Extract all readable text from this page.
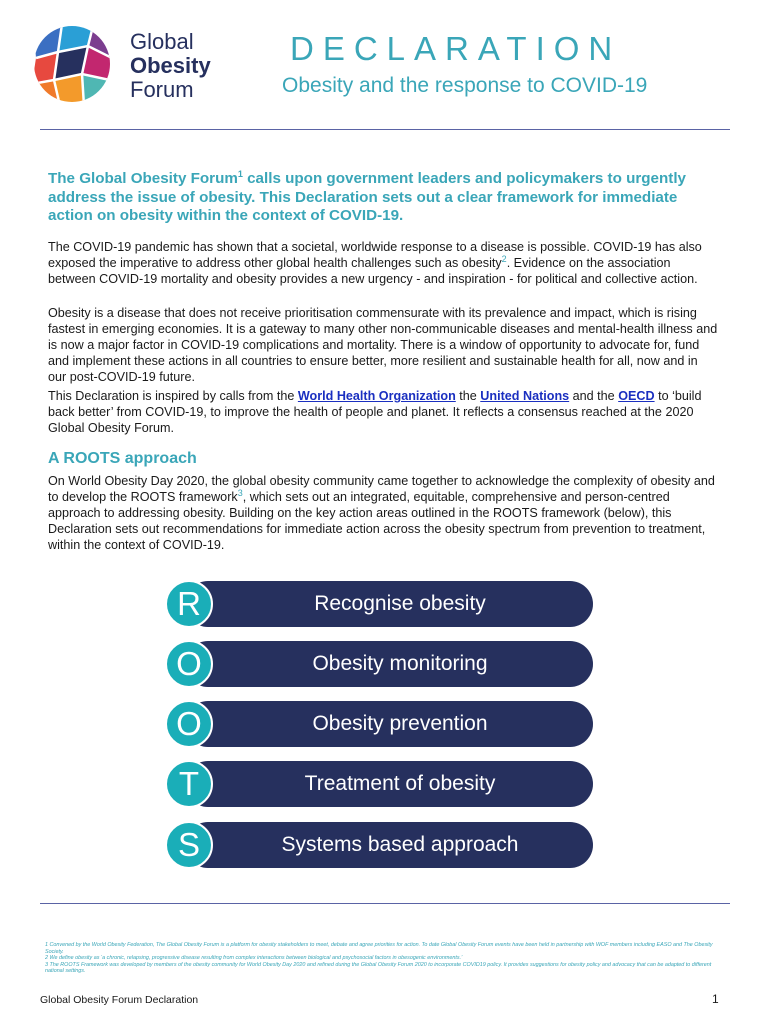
Global
Obesity
Forum
DECLARATION
Obesity and the response to COVID-19
The Global Obesity Forum$^1$ calls upon government leaders and policymakers to urgently address the issue of obesity. This Declaration sets out a clear framework for immediate action on obesity within the context of COVID-19.
The COVID-19 pandemic has shown that a societal, worldwide response to a disease is possible. COVID-19 has also exposed the imperative to address other global health challenges such as obesity$^2$. Evidence on the association between COVID-19 mortality and obesity provides a new urgency - and inspiration - for political and collective action.
Obesity is a disease that does not receive prioritisation commensurate with its prevalence and impact, which is rising fastest in emerging economies. It is a gateway to many other non-communicable diseases and mental-health illness and is now a major factor in COVID-19 complications and mortality. There is a window of opportunity to advocate for, fund and implement these actions in all countries to ensure better, more resilient and sustainable health for all, now and in our post-COVID-19 future.
This Declaration is inspired by calls from the World Health Organization the United Nations and the OECD to ‘build back better’ from COVID-19, to improve the health of people and planet. It reflects a consensus reached at the 2020 Global Obesity Forum.
A ROOTS approach
On World Obesity Day 2020, the global obesity community came together to acknowledge the complexity of obesity and to develop the ROOTS framework$^3$, which sets out an integrated, equitable, comprehensive and person-centred approach to addressing obesity. Building on the key action areas outlined in the ROOTS framework (below), this Declaration sets out recommendations for immediate action across the obesity spectrum from prevention to treatment, within the context of COVID-19.
Recognise obesity
R
Obesity monitoring
O
Obesity prevention
O
Treatment of obesity
T
Systems based approach
S

1 Convened by the World Obesity Federation, The Global Obesity Forum is a platform for obesity stakeholders to meet, debate and agree priorities for action. To date Global Obesity Forum events have been held in partnership with WOF members including EASO and The Obesity Society.

2 We define obesity as ‘a chronic, relapsing, progressive disease resulting from complex interactions between biological and psychosocial factors in obesogenic environments.’

3 The ROOTS Framework was developed by members of the obesity community for World Obesity Day 2020 and refined during the Global Obesity Forum 2020 to incorporate COVID19 policy. It provides suggestions for obesity policy and advocacy that can be adapted to different national settings.

Global Obesity Forum Declaration	1
